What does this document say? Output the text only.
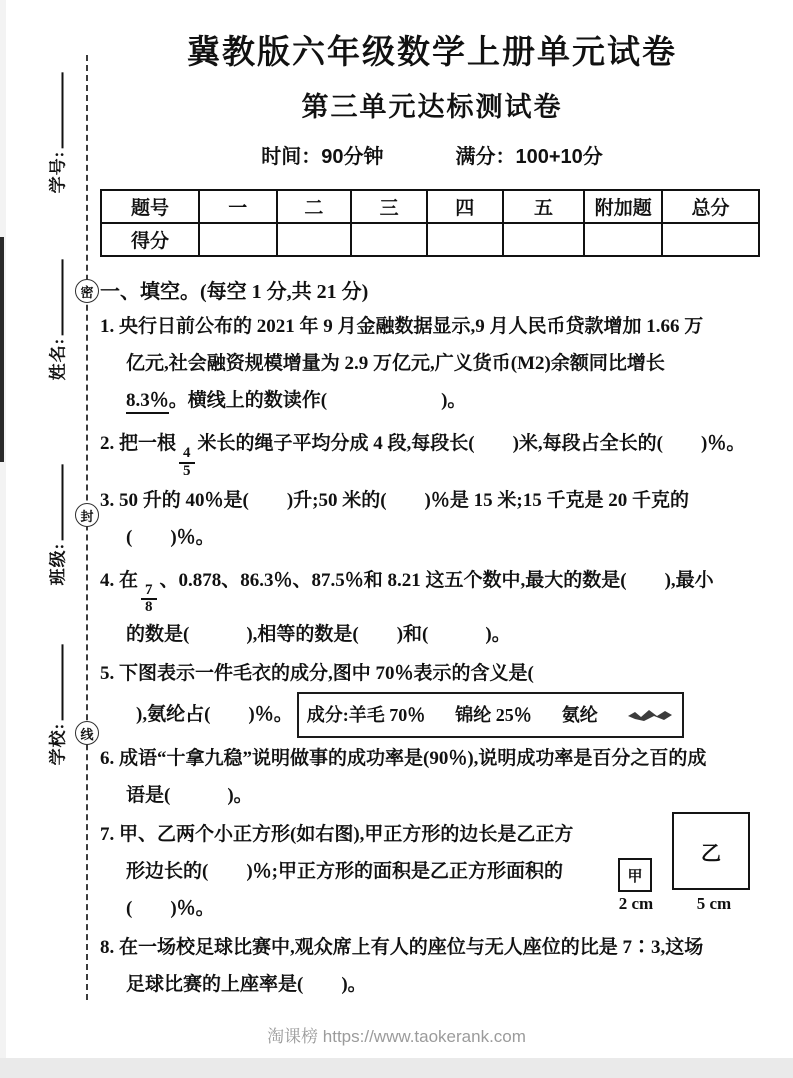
学号:
姓名:
班级:
学校:
密
封
线
冀教版六年级数学上册单元试卷
第三单元达标测试卷
时间：90分钟	满分：100+10分
题号	一	二	三	四	五	附加题	总分
得分							
一、填空。(每空 1 分,共 21 分)
1. 央行日前公布的 2021 年 9 月金融数据显示,9 月人民币贷款增加 1.66 万
亿元,社会融资规模增量为 2.9 万亿元,广义货币(M2)余额同比增长
8.3％。横线上的数读作(　　　　　　)。
2. 把一根
$\frac{4}{5}$
米长的绳子平均分成 4 段,每段长(　　)米,每段占全长的(　　)％。
3. 50 升的 40％是(　　)升;50 米的(　　)％是 15 米;15 千克是 20 千克的
(　　)％。
4. 在
$\frac{7}{8}$
、0.878、86.3％、87.5％和 8.21 这五个数中,最大的数是(　　),最小
的数是(　　　),相等的数是(　　)和(　　　)。
5. 下图表示一件毛衣的成分,图中 70％表示的含义是(
),氨纶占(　　)％。 成分:羊毛 70％ 锦纶 25％ 氨纶
6. 成语“十拿九稳”说明做事的成功率是(90％),说明成功率是百分之百的成
语是(　　　)。
7. 甲、乙两个小正方形(如右图),甲正方形的边长是乙正方
形边长的(　　)％;甲正方形的面积是乙正方形面积的
(　　)％。
乙
甲
2 cm	5 cm
8. 在一场校足球比赛中,观众席上有人的座位与无人座位的比是 7∶3,这场
足球比赛的上座率是(　　)。
淘课榜 https://www.taokerank.com
